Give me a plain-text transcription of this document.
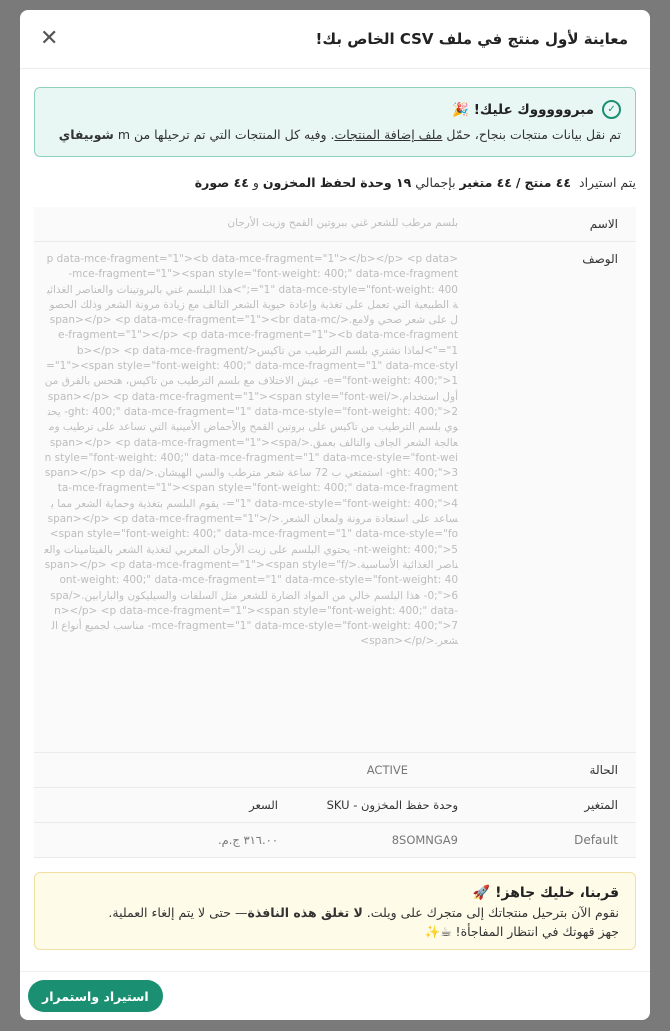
معاينة لأول منتج في ملف CSV الخاص بك!
✕
✓
مبروووووك عليك! 🎉
تم نقل بيانات منتجات بنجاح، حمّل ملف إضافة المنتجات. وفيه كل المنتجات التي تم ترحيلها من m شوبيفاي
يتم استيراد  ٤٤ منتج / ٤٤ متغير بإجمالي ١٩ وحدة لحفظ المخزون و ٤٤ صورة
الاسم
بلسم مرطب للشعر غني ببروتين القمح وزيت الأرجان
الوصف
<p data-mce-fragment="1"><b data-mce-fragment="1"></b></p> <p data-mce-fragment="1"><span style="font-weight: 400;" data-mce-fragment="1" data-mce-style="font-weight: 400;">هذا البلسم غني بالبروتينات والعناصر الغذائية الطبيعية التي تعمل على تغذية وإعادة حيوية الشعر التالف مع زيادة مرونة الشعر وذلك الحصول على شعر صحي ولامع.</span></p> <p data-mce-fragment="1"><br data-mce-fragment="1"></p> <p data-mce-fragment="1"><b data-mce-fragment="1">لماذا تشتري بلسم الترطيب من تاكيس</b></p> <p data-mce-fragment="1"><span style="font-weight: 400;" data-mce-fragment="1" data-mce-style="font-weight: 400;">1- عيش الاختلاف مع بلسم الترطيب من تاكيس، هتحس بالفرق من أول استخدام.</span></p> <p data-mce-fragment="1"><span style="font-weight: 400;" data-mce-fragment="1" data-mce-style="font-weight: 400;">2- يحتوي بلسم الترطيب من تاكيس على بروتين القمح والأحماض الأمينية التي تساعد على ترطيب ومعالجة الشعر الجاف والتالف بعمق.</span></p> <p data-mce-fragment="1"><span style="font-weight: 400;" data-mce-fragment="1" data-mce-style="font-weight: 400;">3- استمتعي ب 72 ساعة شعر مترطب والسي الهيشان.</span></p> <p data-mce-fragment="1"><span style="font-weight: 400;" data-mce-fragment="1" data-mce-style="font-weight: 400;">4- يقوم البلسم بتغذية وحماية الشعر مما يساعد على استعادة مرونة ولمعان الشعر.</span></p> <p data-mce-fragment="1"><span style="font-weight: 400;" data-mce-fragment="1" data-mce-style="font-weight: 400;">5- يحتوي البلسم على زيت الأرجان المغربي لتغذية الشعر بالفيتامينات والعناصر الغذائية الأساسية.</span></p> <p data-mce-fragment="1"><span style="font-weight: 400;" data-mce-fragment="1" data-mce-style="font-weight: 400;">6- هذا البلسم خالي من المواد الضارة للشعر مثل السلفات والسيليكون والبارابين.</span></p> <p data-mce-fragment="1"><span style="font-weight: 400;" data-mce-fragment="1" data-mce-style="font-weight: 400;">7- مناسب لجميع أنواع الشعر.</span></p>
الحالة
ACTIVE
المتغير
وحدة حفظ المخزون - SKU
السعر
Default
8SOMNGA9
٣١٦.٠٠ ج.م.
قربنا، خليك جاهز! 🚀
نقوم الآن بترحيل منتجاتك إلى متجرك على ويلت. لا تغلق هذه النافذة— حتى لا يتم إلغاء العملية.
جهز قهوتك في انتظار المفاجأة! ☕✨
استيراد واستمرار
